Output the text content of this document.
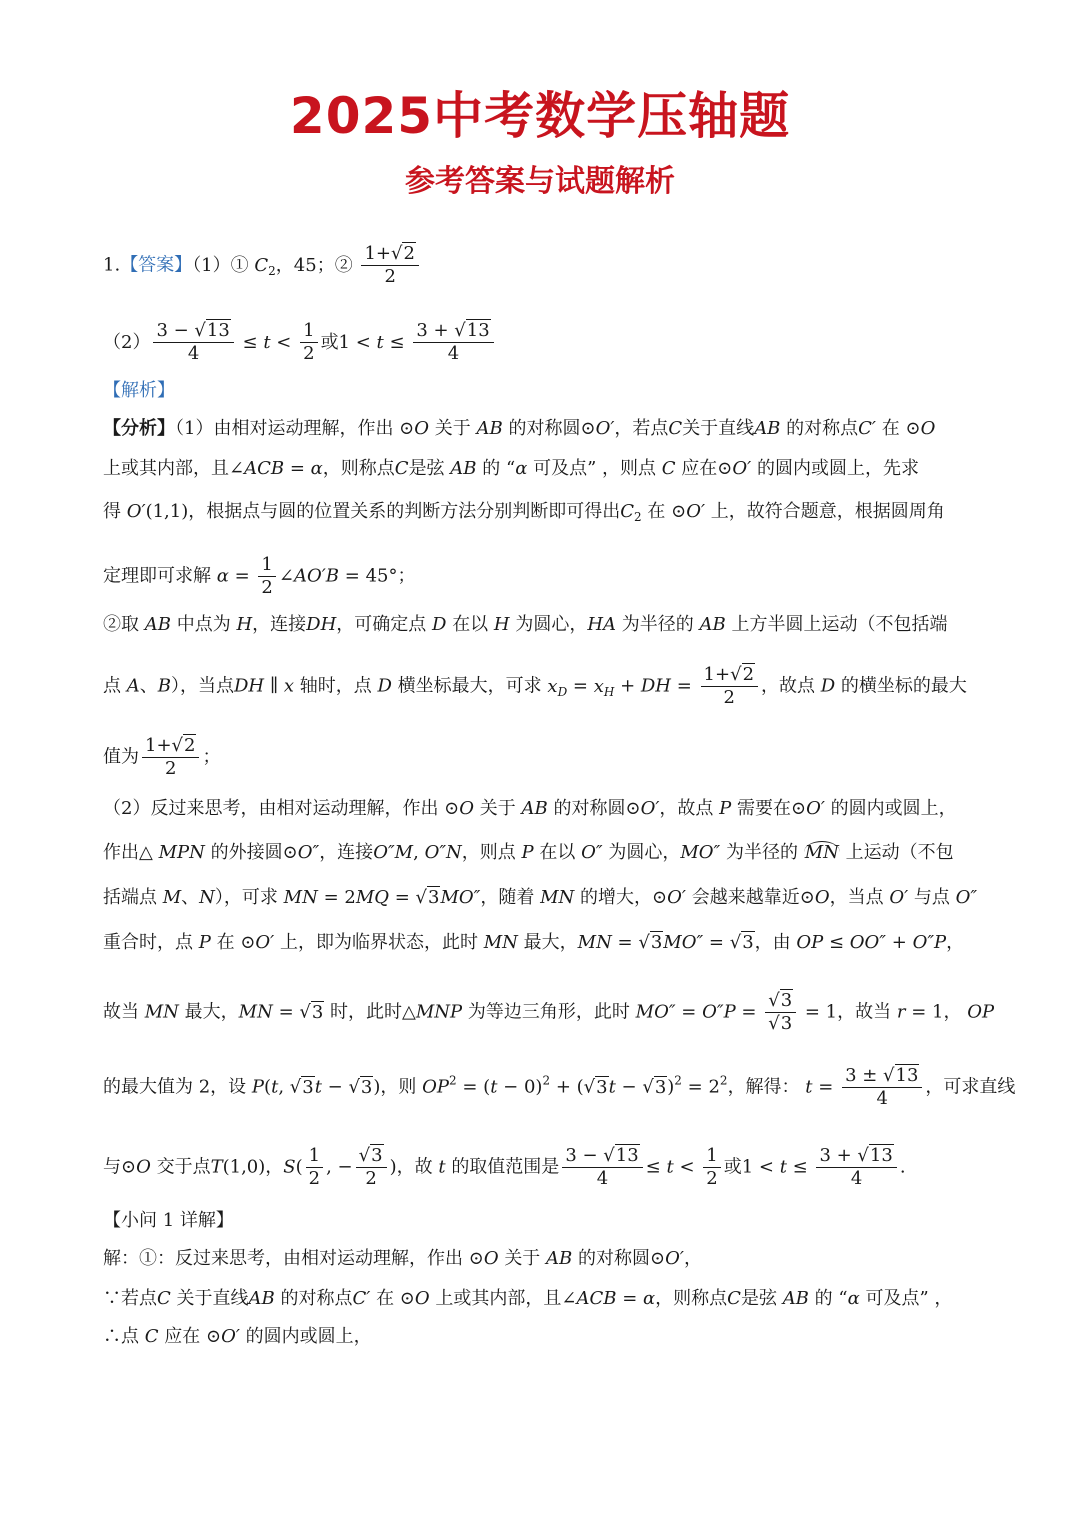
2025中考数学压轴题
参考答案与试题解析
1.【答案】（1）① $C_2$，45；② $\frac{1+√2}{2}$
$(2) \frac{3 - √13}{4} \le t < \frac{1}{2}$ 或$1 < t \le \frac{3 + √13}{4}$
【解析】
【分析】（1）由相对运动理解，作出 ⊙O 关于 AB 的对称圆⊙O′，若点C关于直线AB 的对称点C′ 在 ⊙O
上或其内部，且∠ACB = α，则称点C是弦 AB 的 “α 可及点” ，则点 C 应在⊙O′ 的圆内或圆上，先求
得 O′(1,1)，根据点与圆的位置关系的判断方法分别判断即可得出$C_2$ 在 ⊙O′ 上，故符合题意，根据圆周角
定理即可求解 $\alpha = \frac{1}{2}$ ∠AO′B = 45°；
②取 AB 中点为 H，连接DH，可确定点 D 在以 H 为圆心，HA 为半径的 AB 上方半圆上运动（不包括端
点 A、B），当点DH ∥ x 轴时，点 D 横坐标最大，可求 $x_D = x_H$ + DH = $\frac{1+√2}{2}$ ，故点 D 的横坐标的最大
值为 $\frac{1+√2}{2}$ ；
（2）反过来思考，由相对运动理解，作出 ⊙O 关于 AB 的对称圆⊙O′，故点 P 需要在⊙O′ 的圆内或圆上，
作出△ MPN 的外接圆⊙O″，连接O″M, O″N，则点 P 在以 O″ 为圆心，MO″ 为半径的 MN 上运动（不包
括端点 M、N），可求 MN = 2MQ = √3MO″，随着 MN 的增大，⊙O′ 会越来越靠近⊙O，当点 O′ 与点 O″
重合时，点 P 在 ⊙O′ 上，即为临界状态，此时 MN 最大，MN = √3MO″ = √3，由 OP ≤ OO″ + O″P，
故当 MN 最大，MN = √3 时，此时△MNP 为等边三角形，此时 $MO'' = O''P = \frac{√3}{√3} = 1$，故当 r = 1， OP
的最大值为 2，设 P(t, √3t − √3)，则 $OP^2 = (t - 0)^2 + (√3t - √3)^2 = 2^2$，解得： $t = \frac{3 \pm √13}{4}$ ，可求直线
与⊙O 交于点T(1,0)，$S( \frac{1}{2}$ , − $\frac{√3}{2}$ )，故 t 的取值范围是 $\frac{3 - √13}{4} \le t < \frac{1}{2}$ 或$1 < t \le \frac{3 + √13}{4}$ .
【小问 1 详解】
解：①：反过来思考，由相对运动理解，作出 ⊙O 关于 AB 的对称圆⊙O′，
∵若点C 关于直线AB 的对称点C′ 在 ⊙O 上或其内部，且∠ACB = α，则称点C是弦 AB 的 “α 可及点” ，
∴点 C 应在 ⊙O′ 的圆内或圆上，
